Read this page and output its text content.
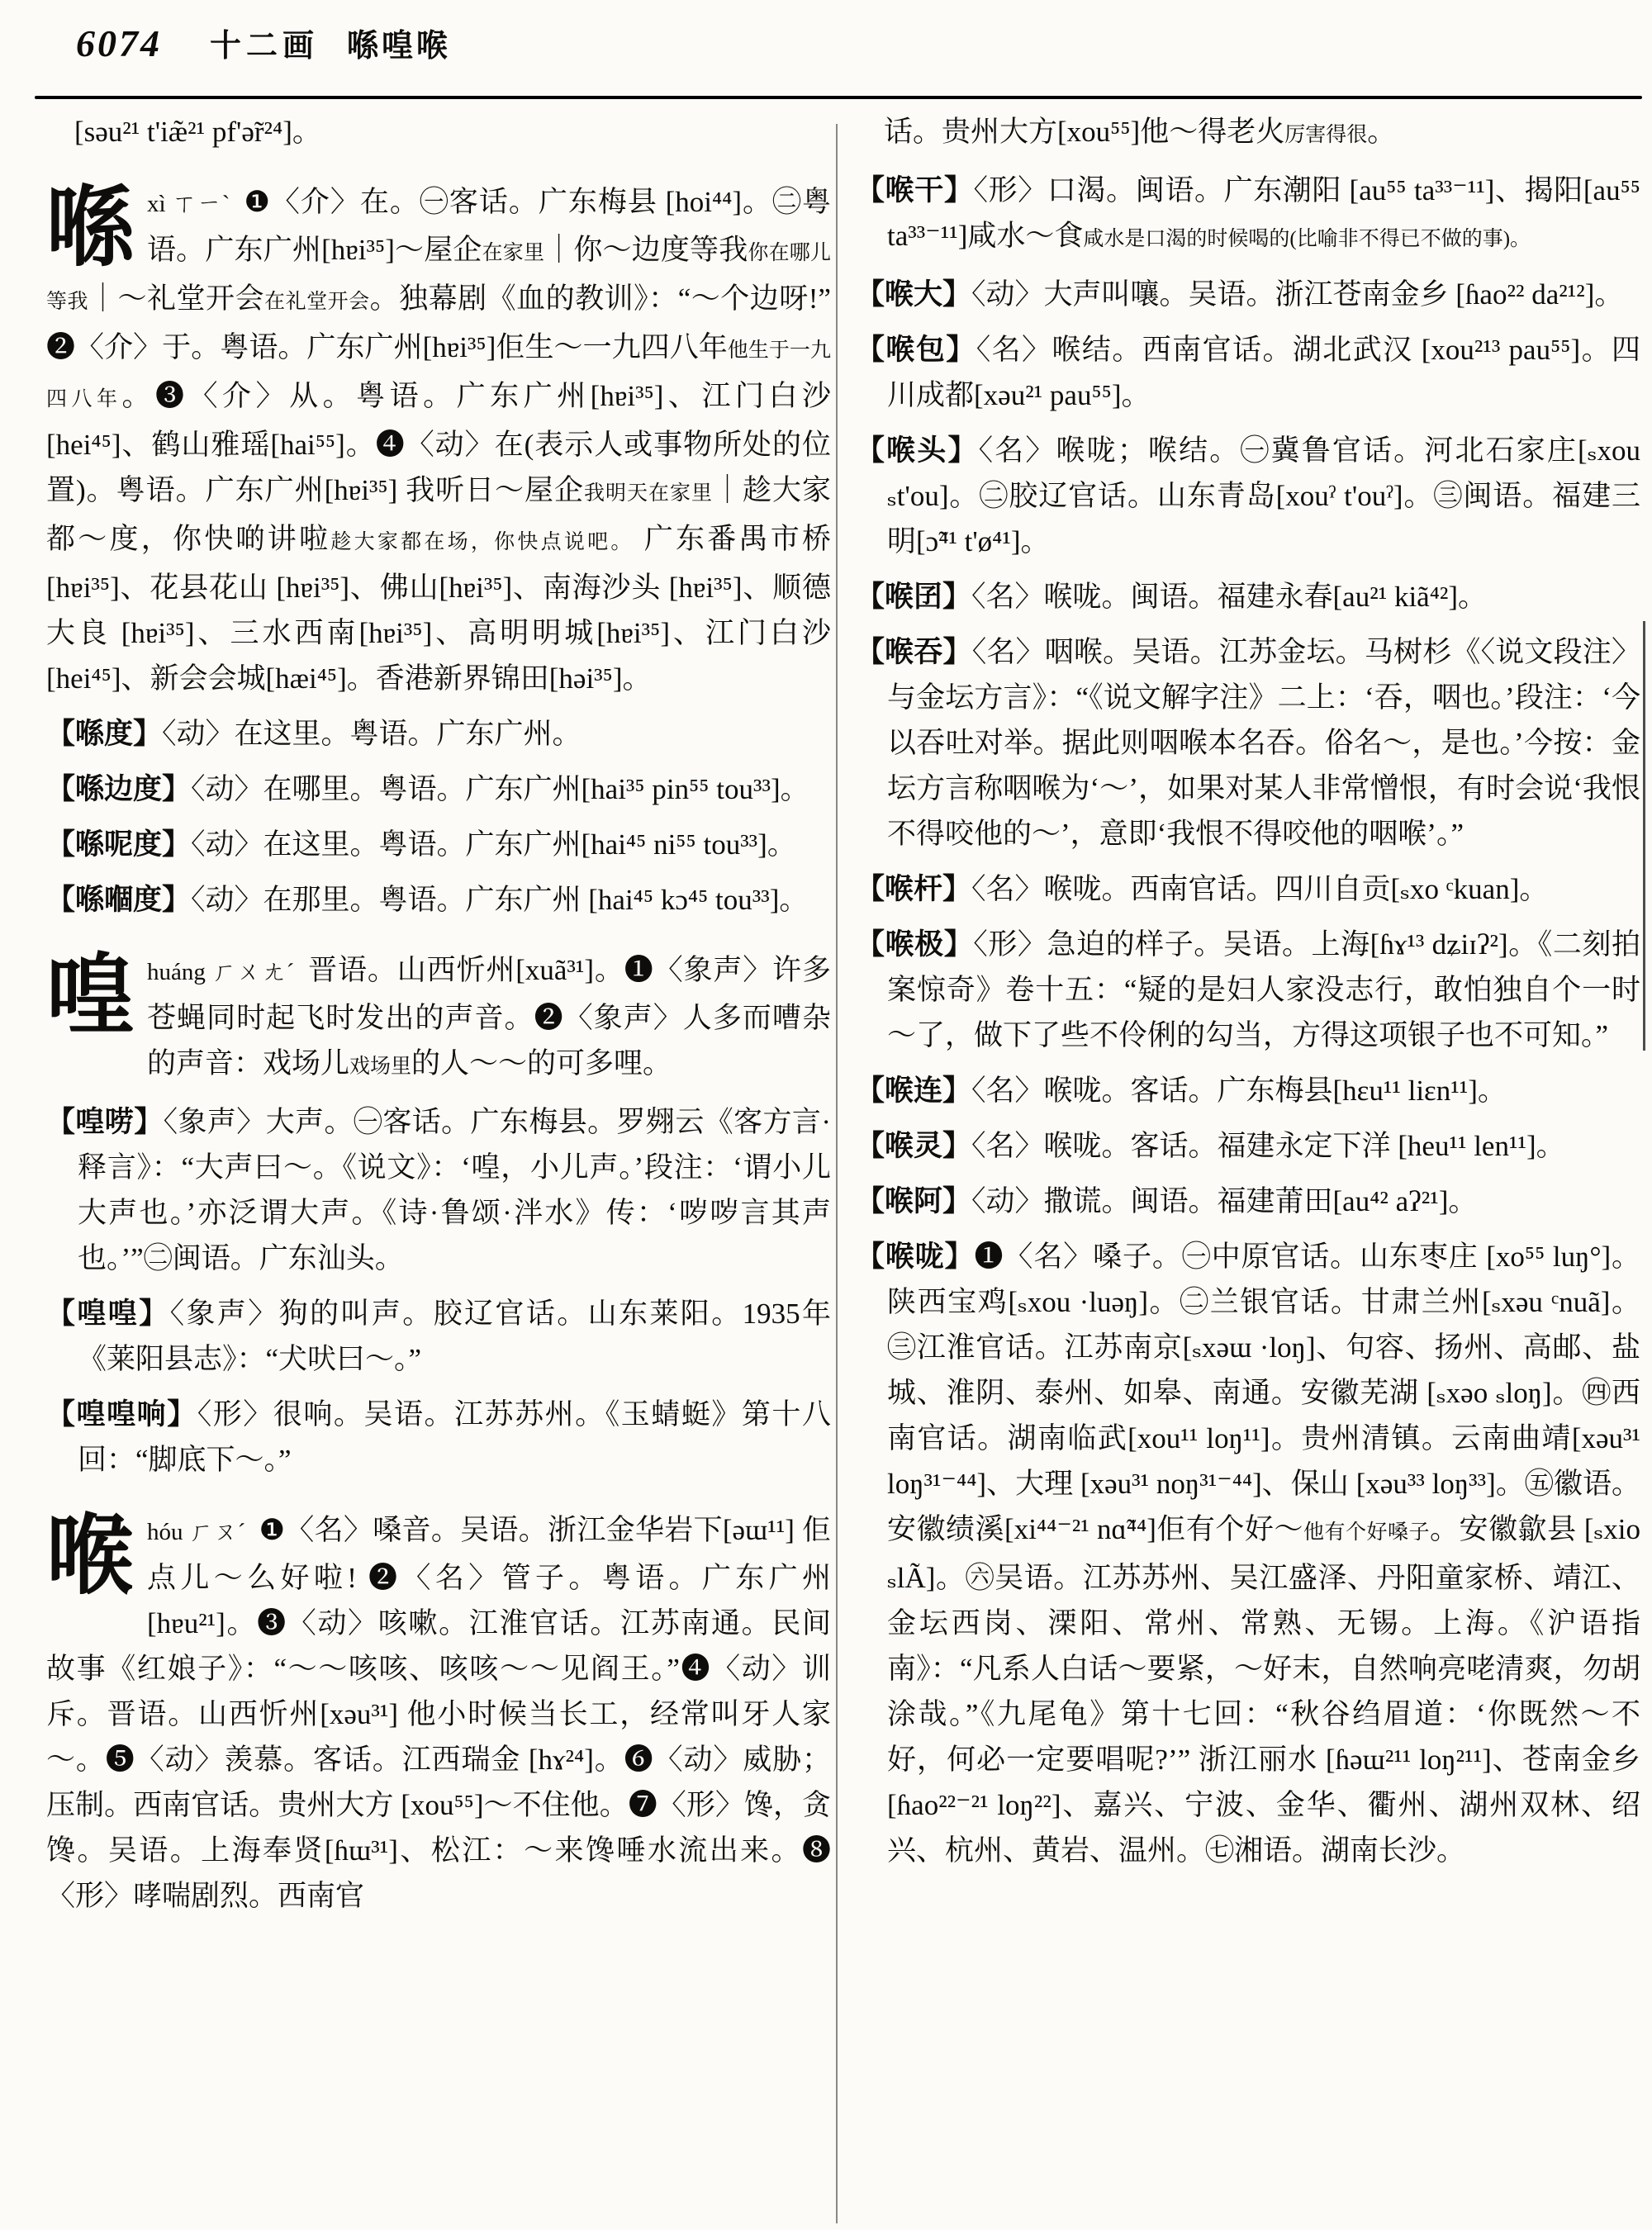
6074 十二画 喺喤喉
[səu²¹ t'iæ̃²¹ pf'ə̃r²⁴]。
喺xì ㄒㄧˋ ❶〈介〉在。㊀客话。广东梅县 [hoi⁴⁴]。㊁粤语。广东广州[hɐi³⁵]～屋企在家里｜你～边度等我你在哪儿等我｜～礼堂开会在礼堂开会。独幕剧《血的教训》：“～个边呀!” ❷〈介〉于。粤语。广东广州[hɐi³⁵]佢生～一九四八年他生于一九四八年。❸〈介〉从。粤语。广东广州[hɐi³⁵]、江门白沙[hei⁴⁵]、鹤山雅瑶[hai⁵⁵]。❹〈动〉在(表示人或事物所处的位置)。粤语。广东广州[hɐi³⁵] 我听日～屋企我明天在家里｜趁大家都～度，你快啲讲啦趁大家都在场，你快点说吧。 广东番禺市桥[hɐi³⁵]、花县花山 [hɐi³⁵]、佛山[hɐi³⁵]、南海沙头 [hɐi³⁵]、顺德大良 [hɐi³⁵]、三水西南[hɐi³⁵]、高明明城[hɐi³⁵]、江门白沙 [hei⁴⁵]、新会会城[hæi⁴⁵]。香港新界锦田[həi³⁵]。
【喺度】〈动〉在这里。粤语。广东广州。
【喺边度】〈动〉在哪里。粤语。广东广州[hai³⁵ pin⁵⁵ tou³³]。
【喺呢度】〈动〉在这里。粤语。广东广州[hai⁴⁵ ni⁵⁵ tou³³]。
【喺嗰度】〈动〉在那里。粤语。广东广州 [hai⁴⁵ kɔ⁴⁵ tou³³]。
喤huáng ㄏㄨㄤˊ 晋语。山西忻州[xuã³¹]。❶〈象声〉许多苍蝇同时起飞时发出的声音。❷〈象声〉人多而嘈杂的声音：戏场儿戏场里的人～～的可多哩。
【喤唠】〈象声〉大声。㊀客话。广东梅县。罗翙云《客方言·释言》：“大声曰～。《说文》：‘喤，小儿声。’段注：‘谓小儿大声也。’亦泛谓大声。《诗·鲁颂·泮水》传：‘哕哕言其声也。’”㊁闽语。广东汕头。
【喤喤】〈象声〉狗的叫声。胶辽官话。山东莱阳。1935年《莱阳县志》：“犬吠曰～。”
【喤喤响】〈形〉很响。吴语。江苏苏州。《玉蜻蜓》第十八回：“脚底下～。”
喉hóu ㄏㄡˊ ❶〈名〉嗓音。吴语。浙江金华岩下[əɯ¹¹] 佢点儿～么好啦! ❷〈名〉管子。粤语。广东广州[hɐu²¹]。❸〈动〉咳嗽。江淮官话。江苏南通。民间故事《红娘子》：“～～咳咳、咳咳～～见阎王。”❹〈动〉训斥。晋语。山西忻州[xəu³¹] 他小时候当长工，经常叫牙人家～。❺〈动〉羡慕。客话。江西瑞金 [hɤ²⁴]。❻〈动〉威胁；压制。西南官话。贵州大方 [xou⁵⁵]～不住他。❼〈形〉馋，贪馋。吴语。上海奉贤[ɦɯ³¹]、松江：～来馋唾水流出来。❽〈形〉哮喘剧烈。西南官
话。贵州大方[xou⁵⁵]他～得老火厉害得很。
【喉干】〈形〉口渴。闽语。广东潮阳 [au⁵⁵ ta³³⁻¹¹]、揭阳[au⁵⁵ ta³³⁻¹¹]咸水～食咸水是口渴的时候喝的(比喻非不得已不做的事)。
【喉大】〈动〉大声叫嚷。吴语。浙江苍南金乡 [ɦao²² da²¹²]。
【喉包】〈名〉喉结。西南官话。湖北武汉 [xou²¹³ pau⁵⁵]。四川成都[xəu²¹ pau⁵⁵]。
【喉头】〈名〉喉咙；喉结。㊀冀鲁官话。河北石家庄[ₛxou ₛt'ou]。㊁胶辽官话。山东青岛[xouˀ t'ouˀ]。㊂闽语。福建三明[ɔ̃⁴¹ t'ø⁴¹]。
【喉囝】〈名〉喉咙。闽语。福建永春[au²¹ kiã⁴²]。
【喉吞】〈名〉咽喉。吴语。江苏金坛。马树杉《〈说文段注〉与金坛方言》：“《说文解字注》二上：‘吞，咽也。’段注：‘今以吞吐对举。据此则咽喉本名吞。俗名～，是也。’今按：金坛方言称咽喉为‘～’，如果对某人非常憎恨，有时会说‘我恨不得咬他的～’，意即‘我恨不得咬他的咽喉’。”
【喉杆】〈名〉喉咙。西南官话。四川自贡[ₛxo ᶜkuan]。
【喉极】〈形〉急迫的样子。吴语。上海[ɦɤ¹³ dʑiɪʔ²]。《二刻拍案惊奇》卷十五：“疑的是妇人家没志行，敢怕独自个一时～了，做下了些不伶俐的勾当，方得这项银子也不可知。”
【喉连】〈名〉喉咙。客话。广东梅县[hɛu¹¹ liɛn¹¹]。
【喉灵】〈名〉喉咙。客话。福建永定下洋 [heu¹¹ len¹¹]。
【喉阿】〈动〉撒谎。闽语。福建莆田[au⁴² aʔ²¹]。
【喉咙】❶〈名〉嗓子。㊀中原官话。山东枣庄 [xo⁵⁵ luŋ°]。陕西宝鸡[ₛxou ·luəŋ]。㊁兰银官话。甘肃兰州[ₛxəu ᶜnuã]。㊂江淮官话。江苏南京[ₛxəɯ ·loŋ]、句容、扬州、高邮、盐城、淮阴、泰州、如皋、南通。安徽芜湖 [ₛxəo ₛloŋ]。㊃西南官话。湖南临武[xou¹¹ loŋ¹¹]。贵州清镇。云南曲靖[xəu³¹ loŋ³¹⁻⁴⁴]、大理 [xəu³¹ noŋ³¹⁻⁴⁴]、保山 [xəu³³ loŋ³³]。㊄徽语。安徽绩溪[xi⁴⁴⁻²¹ nɑ̃⁴⁴]佢有个好～他有个好嗓子。安徽歙县 [ₛxio ₛlÃ]。㊅吴语。江苏苏州、吴江盛泽、丹阳童家桥、靖江、金坛西岗、溧阳、常州、常熟、无锡。上海。《沪语指南》：“凡系人白话～要紧，～好末，自然响亮咾清爽，勿胡涂哉。”《九尾龟》第十七回：“秋谷绉眉道：‘你既然～不好，何必一定要唱呢?’” 浙江丽水 [ɦəɯ²¹¹ loŋ²¹¹]、苍南金乡[ɦao²²⁻²¹ loŋ²²]、嘉兴、宁波、金华、衢州、湖州双林、绍兴、杭州、黄岩、温州。㊆湘语。湖南长沙。
